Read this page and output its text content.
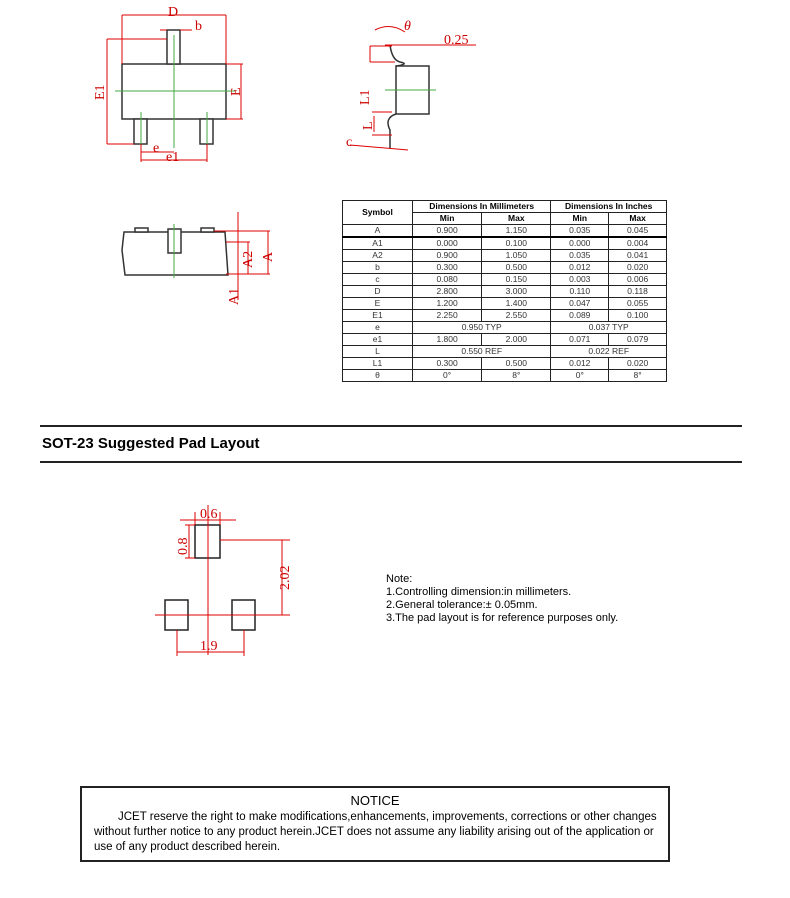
D
b
E1	E
e
e1
θ
0.25
L1
L
c
A2 A
A1
0.6
0.8
2.02
1.9
Symbol	Dimensions In Millimeters		Dimensions In Inches	
	Min	Max	Min	Max
A	0.900	1.150	0.035	0.045
A1	0.000	0.100	0.000	0.004
A2	0.900	1.050	0.035	0.041
b	0.300	0.500	0.012	0.020
c	0.080	0.150	0.003	0.006
D	2.800	3.000	0.110	0.118
E	1.200	1.400	0.047	0.055
E1	2.250	2.550	0.089	0.100
e	0.950 TYP		0.037 TYP	
e1	1.800	2.000	0.071	0.079
L	0.550 REF		0.022 REF	
L1	0.300	0.500	0.012	0.020
θ	0°	8°	0°	8°
SOT-23 Suggested Pad Layout
Note:
1.Controlling dimension:in millimeters.
2.General tolerance:± 0.05mm.
3.The pad layout is for reference purposes only.
NOTICE

JCET reserve the right to make modifications,enhancements, improvements, corrections or other changes

without further notice to any product herein.JCET does not assume any liability arising out of the application or

use of any product described herein.
